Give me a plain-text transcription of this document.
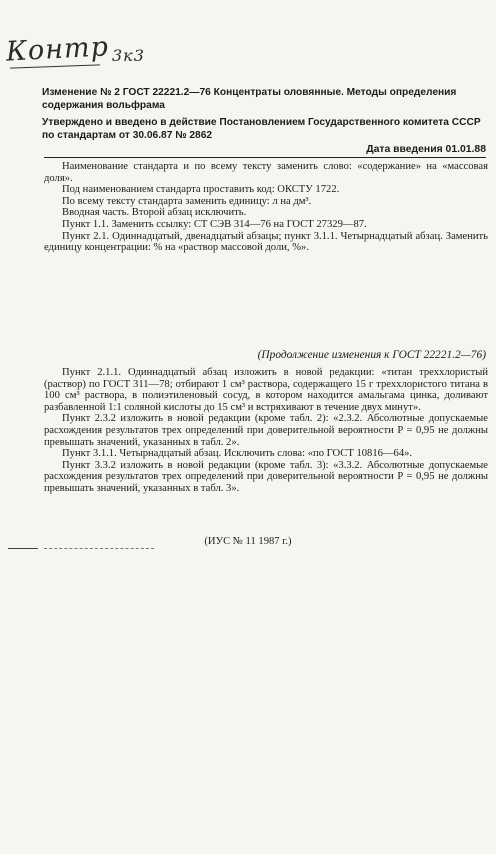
Контр 3к3
Изменение № 2 ГОСТ 22221.2—76 Концентраты оловянные. Методы определения содержания вольфрама
Утверждено и введено в действие Постановлением Государственного комитета СССР по стандартам от 30.06.87 № 2862
Дата введения 01.01.88

Наименование стандарта и по всему тексту заменить слово: «содержание» на «массовая доля».

Под наименованием стандарта проставить код: ОКСТУ 1722.

По всему тексту стандарта заменить единицу: л на дм³.

Вводная часть. Второй абзац исключить.

Пункт 1.1. Заменить ссылку: СТ СЭВ 314—76 на ГОСТ 27329—87.

Пункт 2.1. Одиннадцатый, двенадцатый абзацы; пункт 3.1.1. Четырнадцатый абзац. Заменить единицу концентрации: % на «раствор массовой доли, %».

(Продолжение изменения к ГОСТ 22221.2—76)

Пункт 2.1.1. Одиннадцатый абзац изложить в новой редакции: «титан треххлористый (раствор) по ГОСТ 311—78; отбирают 1 см³ раствора, содержащего 15 г треххлористого титана в 100 см³ раствора, в полиэтиленовый сосуд, в котором находится амальгама цинка, доливают разбавленной 1:1 соляной кислоты до 15 см³ и встряхивают в течение двух минут».

Пункт 2.3.2 изложить в новой редакции (кроме табл. 2): «2.3.2. Абсолютные допускаемые расхождения результатов трех определений при доверительной вероятности P = 0,95 не должны превышать значений, указанных в табл. 2».

Пункт 3.1.1. Четырнадцатый абзац. Исключить слова: «по ГОСТ 10816—64».

Пункт 3.3.2 изложить в новой редакции (кроме табл. 3): «3.3.2. Абсолютные допускаемые расхождения результатов трех определений при доверительной вероятности P = 0,95 не должны превышать значений, указанных в табл. 3».

(ИУС № 11 1987 г.)
